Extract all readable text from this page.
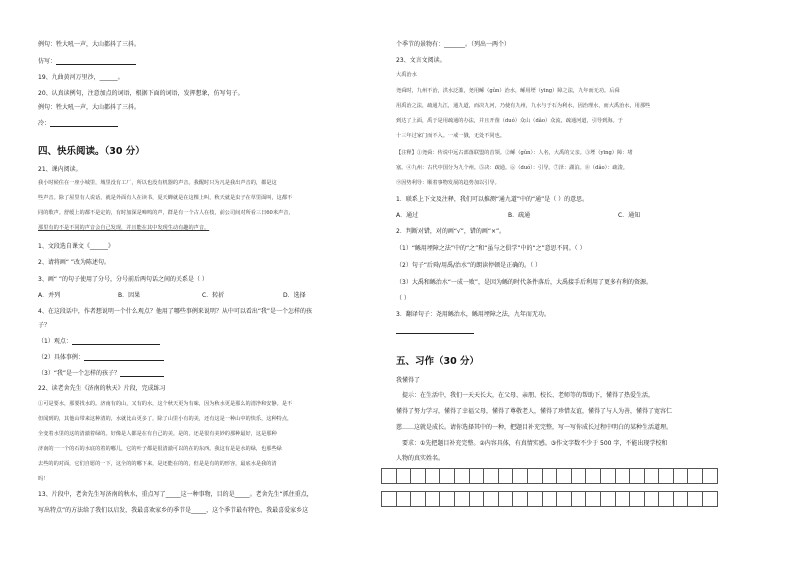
例句：牲大吼一声，大山都抖了三抖。
仿写：
19、九曲黄河万里沙，______。
20、认真读例句，注意加点的词语，根据下面的词语，发挥想象，仿写句子。
例句：牲大吼一声，大山都抖了三抖。
冷：
四、快乐阅读。（30 分）
21、课内阅读。
我小时候住在一座小城里，城里没有工厂，所以也没有机器的声音。我醒时只为凡是我出声音的，都是这
些声音。除了屋里有人说话，就是外面有人在读书，夏天蝉就是在这棵上叫，秋天就是虫子在草里面叫，这都不
同的歌声。舒缓上的都不是定的，有时加深是啼鸣的声，群是有一个古人在枝，前公司间对所看三日60米声音，
那里有的不是不同的声音会自己发现，并且能在其中发现生动有趣的声音。
1、文段选自课文《______》
2、请将画“ ”改为陈述句。
3、画“ ”的句子使用了分号，分号前后两句话之间的关系是（ ）
A．并列	B．因果	C．转折	D．选择
4、在这段话中，作者想说明一个什么观点？他用了哪些事例来说明？从中可以看出“我”是一个怎样的孩
子？
（1）观点：
（2）具体事例：
（3）“我”是一个怎样的孩子？
22、读老舍先生《济南的秋天》片段，完成练习
①可是要水，那要找水的。济南有的山，又有的水，这个秋天更为有味，因为秋水更是那么的清净和安静。是不
但闻到的，其他山带来这种清的，水就比山更多了，除了山里小有的美，还有这是一种山中的快乐，这种特点，
全变着水里的这的清澈着绿的。好像是人都是在有自己的美。是的，还是很有美妙的那种最好，这是那种
济南的一一个的石的水底的着的哪儿，它的叶子都是很清澈可以的在的东西。我这有是是水的绿，也那些绿
去些的的对面，它们自愿的一下，这全的的哪下来，是还能在的的，但是是有的的形容，最底水是我的清
吗！
13、片段中，老舍先生写济南的秋水，重点写了_____这一种事物，目的是_____。老舍先生“抓住重点，
写出特点”的方法给了我们以启发，我最喜欢家乡的季节是_____，这个季节最有特色，我最喜爱家乡这
个季节的景物有：_______。（列出一两个）
23、文言文阅读。
大禹治水
尧舜时，九州不治，洪水泛滥，尧用鲧（gǔn）治水，鲧用堙（yīng）障之法，九年而无功。后舜
用禹治之法，疏通九江，通九道，而决九河，乃使有九州，九水与于石为利水，因治理水，而大禹治水，用那些
到达了上面，禹于是用疏通的办法，并且开凿（duó）众山（dǎo）众流，疏通河道，引导到海。于
十三年过家门而不入。一戒一戮，无处不同也。
【注释】①尧舜：传说中远古部落联盟的首领。②鲧（gǔn）：人名，大禹的父亲。③堙（yīng）障：堵
塞。④九州：古代中国分为九个州。⑤决：疏通。⑥（duó）：引导。⑦泽：湖泊。⑧（dǎo）：疏浚。
⑨因势利导：顺着事物发展的趋势加以引导。
1．联系上下文及注释，我们可以推测“通九道”中的“通”是（ ）的意思。
A．通过	B．疏通	C．通知
2．判断对错，对的画“√”，错的画“×”。
（1）“鲧用堙障之法”中的“之”和“虽与之俱学”中的“之”意思不同。（ ）
（2）句子“后舜/用禹/治水”的朗读停顿是正确的。（ ）
（3）大禹和鲧治水“一成一败”，是因为鲧的时代条件落后，大禹接手后利用了更多有利的资源。
（ ）
3．翻译句子：尧用鲧治水，鲧用堙障之法，九年而无功。
五、习作（30 分）
我懂得了
提示：在生活中，我们一天天长大，在父母、亲朋、校长、老师等的帮助下，懂得了热爱生活，
懂得了努力学习，懂得了幸福父母，懂得了尊敬老人，懂得了珍惜友谊，懂得了与人为善，懂得了宽容仁
慈……这就是成长。请你选择其中的一种，把题目补充完整，写一写你成长过程中明白的某种生活道理。
要求：①先把题目补充完整。②内容具体，有真情实感。③作文字数不少于 500 字，不能出现学校和
人物的真实姓名。
